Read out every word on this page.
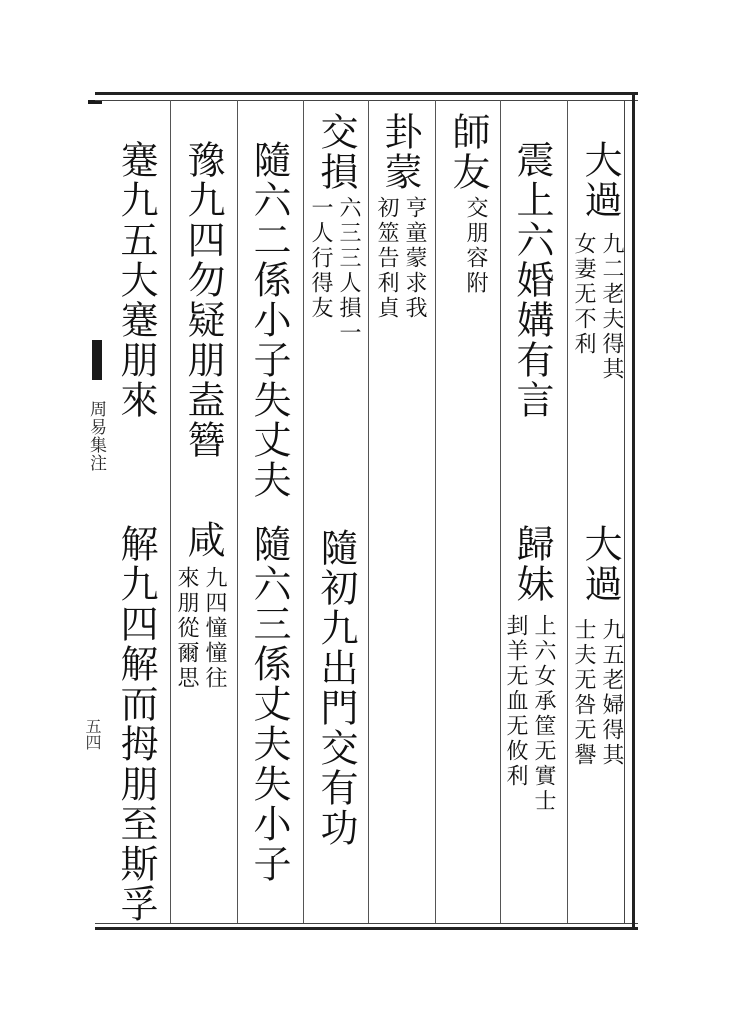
周易集注
五四
大過
九二老夫得其
女妻无不利
大過
九五老婦得其
士夫无咎无譽
震上六婚媾有言
歸妹
上六女承筐无實士
刲羊无血无攸利
師友
交朋容附
卦蒙
亨童蒙求我
初筮告利貞
交損
六三三人損一
一人行得友
隨初九出門交有功
隨六二係小子失丈夫
隨六三係丈夫失小子
豫九四勿疑朋盍簪
咸
九四憧憧往
來朋從爾思
蹇九五大蹇朋來
解九四解而拇朋至斯孚
